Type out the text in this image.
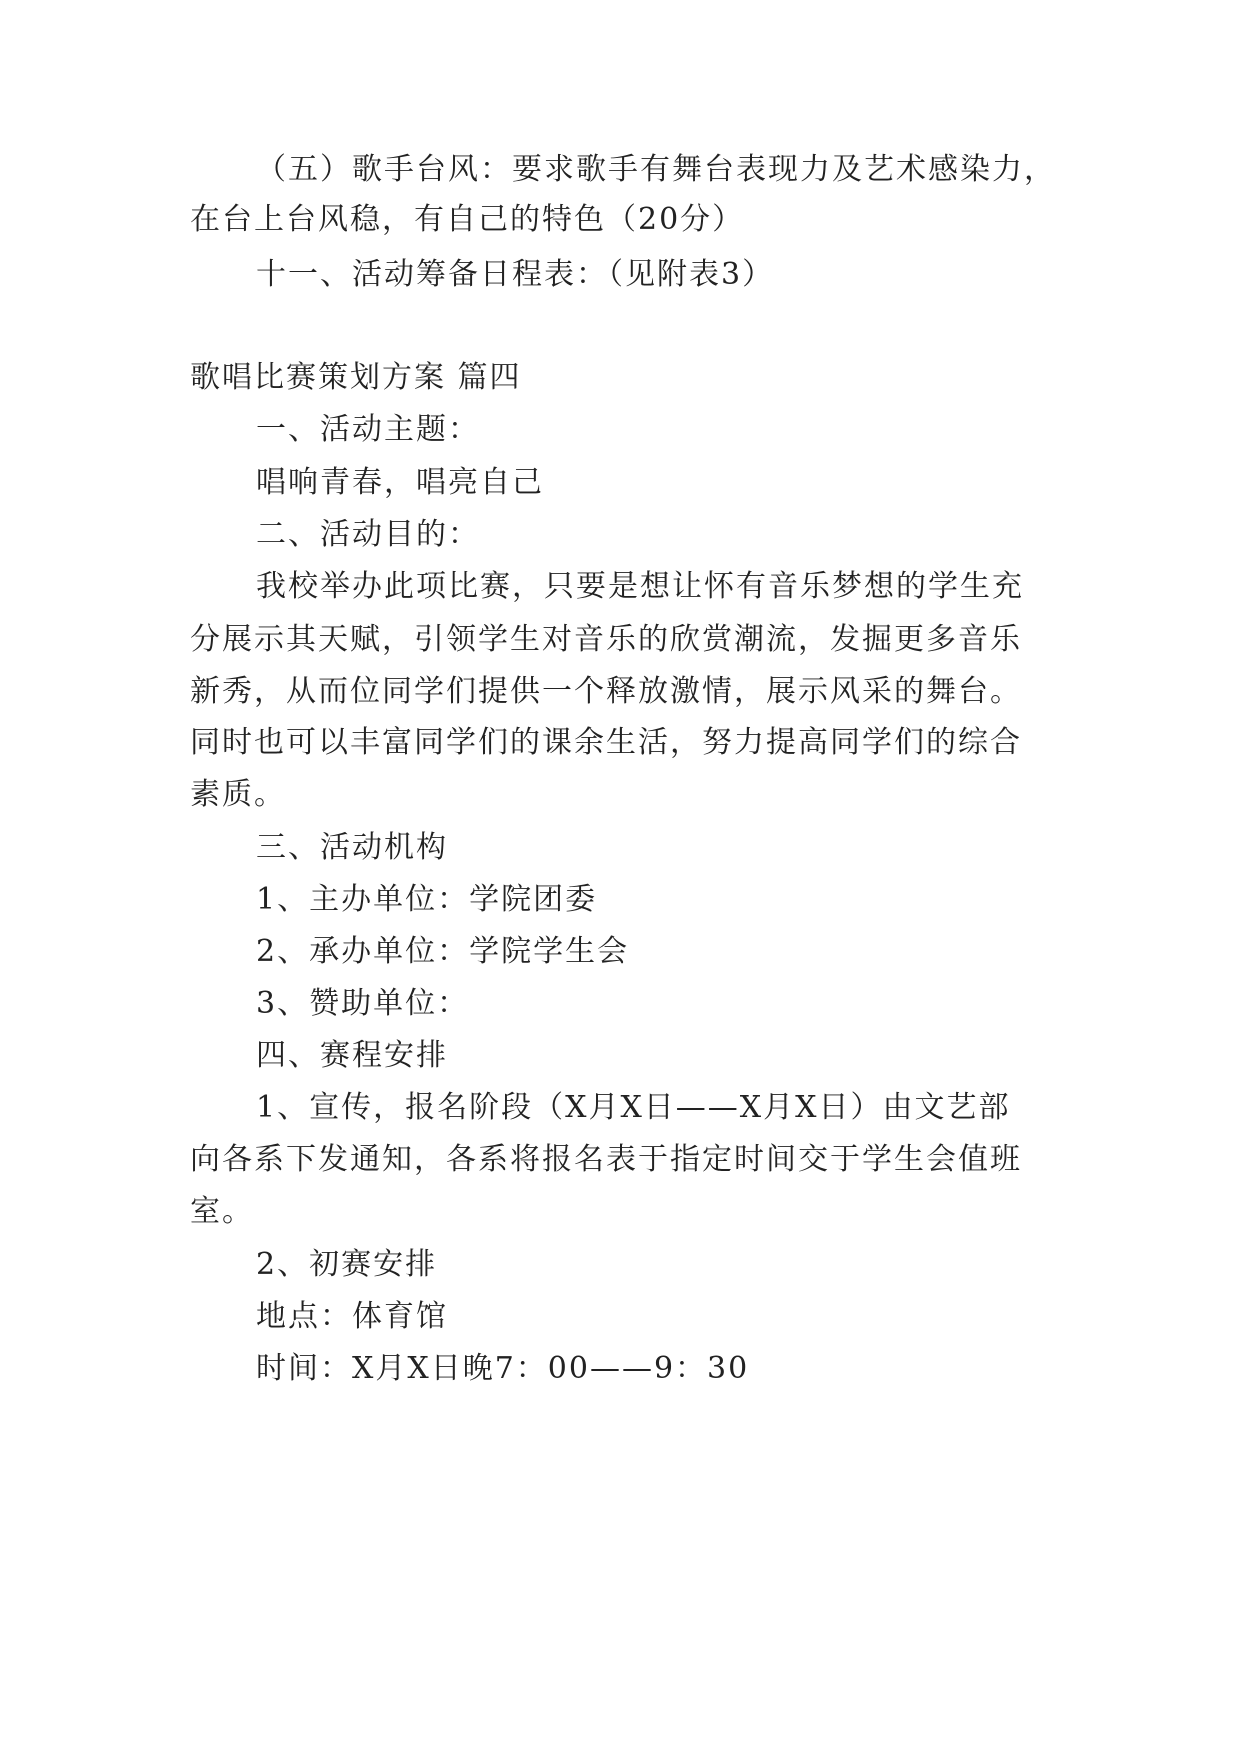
（五）歌手台风：要求歌手有舞台表现力及艺术感染力，
在台上台风稳，有自己的特色（20分）
十一、活动筹备日程表：（见附表3）
歌唱比赛策划方案 篇四
一、活动主题：
唱响青春，唱亮自己
二、活动目的：
我校举办此项比赛，只要是想让怀有音乐梦想的学生充
分展示其天赋，引领学生对音乐的欣赏潮流，发掘更多音乐
新秀，从而位同学们提供一个释放激情，展示风采的舞台。
同时也可以丰富同学们的课余生活，努力提高同学们的综合
素质。
三、活动机构
1、主办单位：学院团委
2、承办单位：学院学生会
3、赞助单位：
四、赛程安排
1、宣传，报名阶段（X月X日——X月X日）由文艺部
向各系下发通知，各系将报名表于指定时间交于学生会值班
室。
2、初赛安排
地点：体育馆
时间：X月X日晚7：00——9：30
